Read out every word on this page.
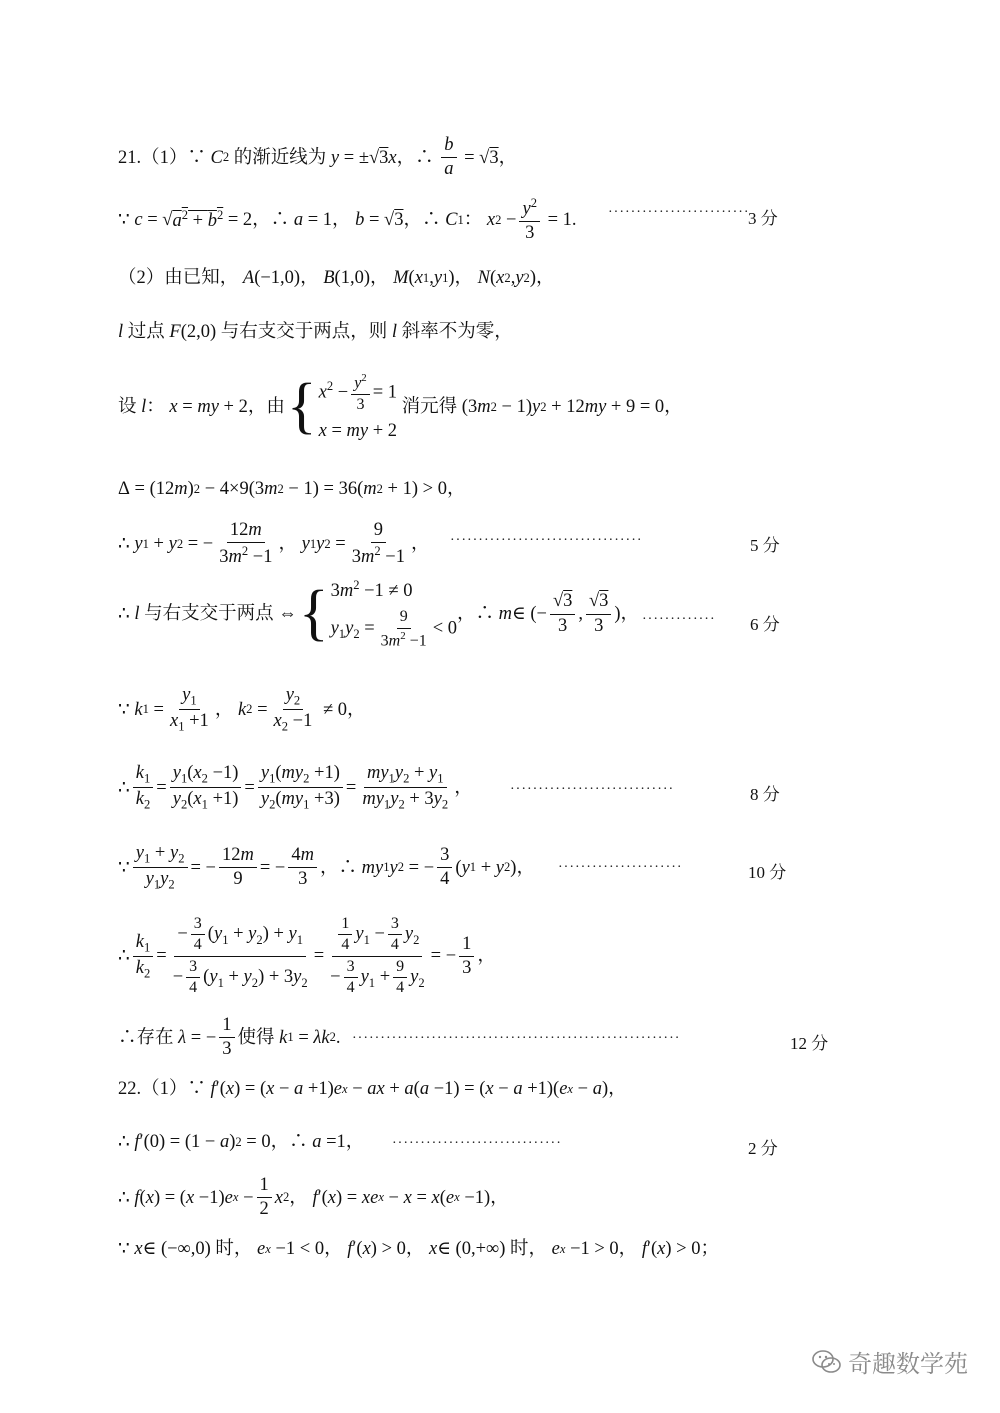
21.（1）∵ C 2 的渐近线为 y = ±√ 3 x ，∴ $\frac{b}{a}$ = √ 3 ，
∵ c = √ $a^2 + b^2 = 2$，∴ a = 1， b = √ 3 ，∴ C 1 ： x $2 - \frac{y^2}{3} = 1$. ·························
3 分
（2）由已知， A (−1,0)， B (1,0)， M ( x 1 , y 1 )， N ( x 2 , y 2 )，
l 过点 F (2,0) 与右支交于两点，则 l 斜率不为零，
设 l ： x = my + 2，由 { $x^2 - \frac{y^2}{3} = 1$
x = my + 2
消元得 (3 m 2 − 1) y 2 + 12 my + 9 = 0，
Δ = (12 m ) 2 − 4×9(3 m 2 − 1) = 36( m 2 + 1) > 0，
∴ y 1 + y 2 = − $\frac{12m}{3m^2 -1}$ ， y 1 y $2 = \frac{9}{3m^2 -1}$ ， ··································	5 分
∴ l 与右支交于两点 ⇔ { $3m^2 -1 \ne 0$
$y_1y_2 = \frac{9}{3m^2 -1} < 0$
，∴ m ∈ (− $\frac{√3}{3}$ , $\frac{√3}{3}$ )， ············· 6 分
∵ k $1 = \frac{y_1}{x_1 +1}$ ， k $2 = \frac{y_2}{x_2 -1} \ne 0$，
∴ $\frac{k_1}{k_2} = \frac{y_1(x_2 -1)}{y_2(x_1 +1)} = \frac{y_1(my_2 +1)}{y_2(my_1 +3)} = \frac{my_1y_2 + y_1}{my_1y_2 + 3y_2}$ ，	·····························	8 分
∵ $\frac{y_1 + y_2}{y_1y_2}$ = − $\frac{12m}{9}$ = − $\frac{4m}{3}$ ，∴ my 1 y 2 = − $\frac{3}{4}$ ( y 1 + y 2 )， ······················	10 分
∴ $\frac{k_1}{k_2} = \frac{- \frac{3}{4} (y_1 + y_2) + y_1}{- \frac{3}{4} (y_1 + y_2) + 3y_2} = \frac{\frac{1}{4} y_1 - \frac{3}{4} y_2}{- \frac{3}{4} y_1 + \frac{9}{4} y_2}$ = − $\frac{1}{3}$ ，
∴存在 λ = − $\frac{1}{3}$ 使得 k 1 = λk 2 . ··························································	12 分
22.（1）∵ f ′( x ) = ( x − a +1) e x − ax + a ( a −1) = ( x − a +1)( e x − a )，
∴ f ′(0) = (1 − a ) 2 = 0，∴ a =1， ······························	2 分
∴ f ( x ) = ( x −1) e $x - \frac{1}{2}$ x 2 ， f ′( x ) = xe x − x = x ( e x −1)，
∵ x ∈ (−∞,0) 时， e x −1 < 0， f ′( x ) > 0， x ∈ (0,+∞) 时， e x −1 > 0， f ′( x ) > 0；
奇趣数学苑
